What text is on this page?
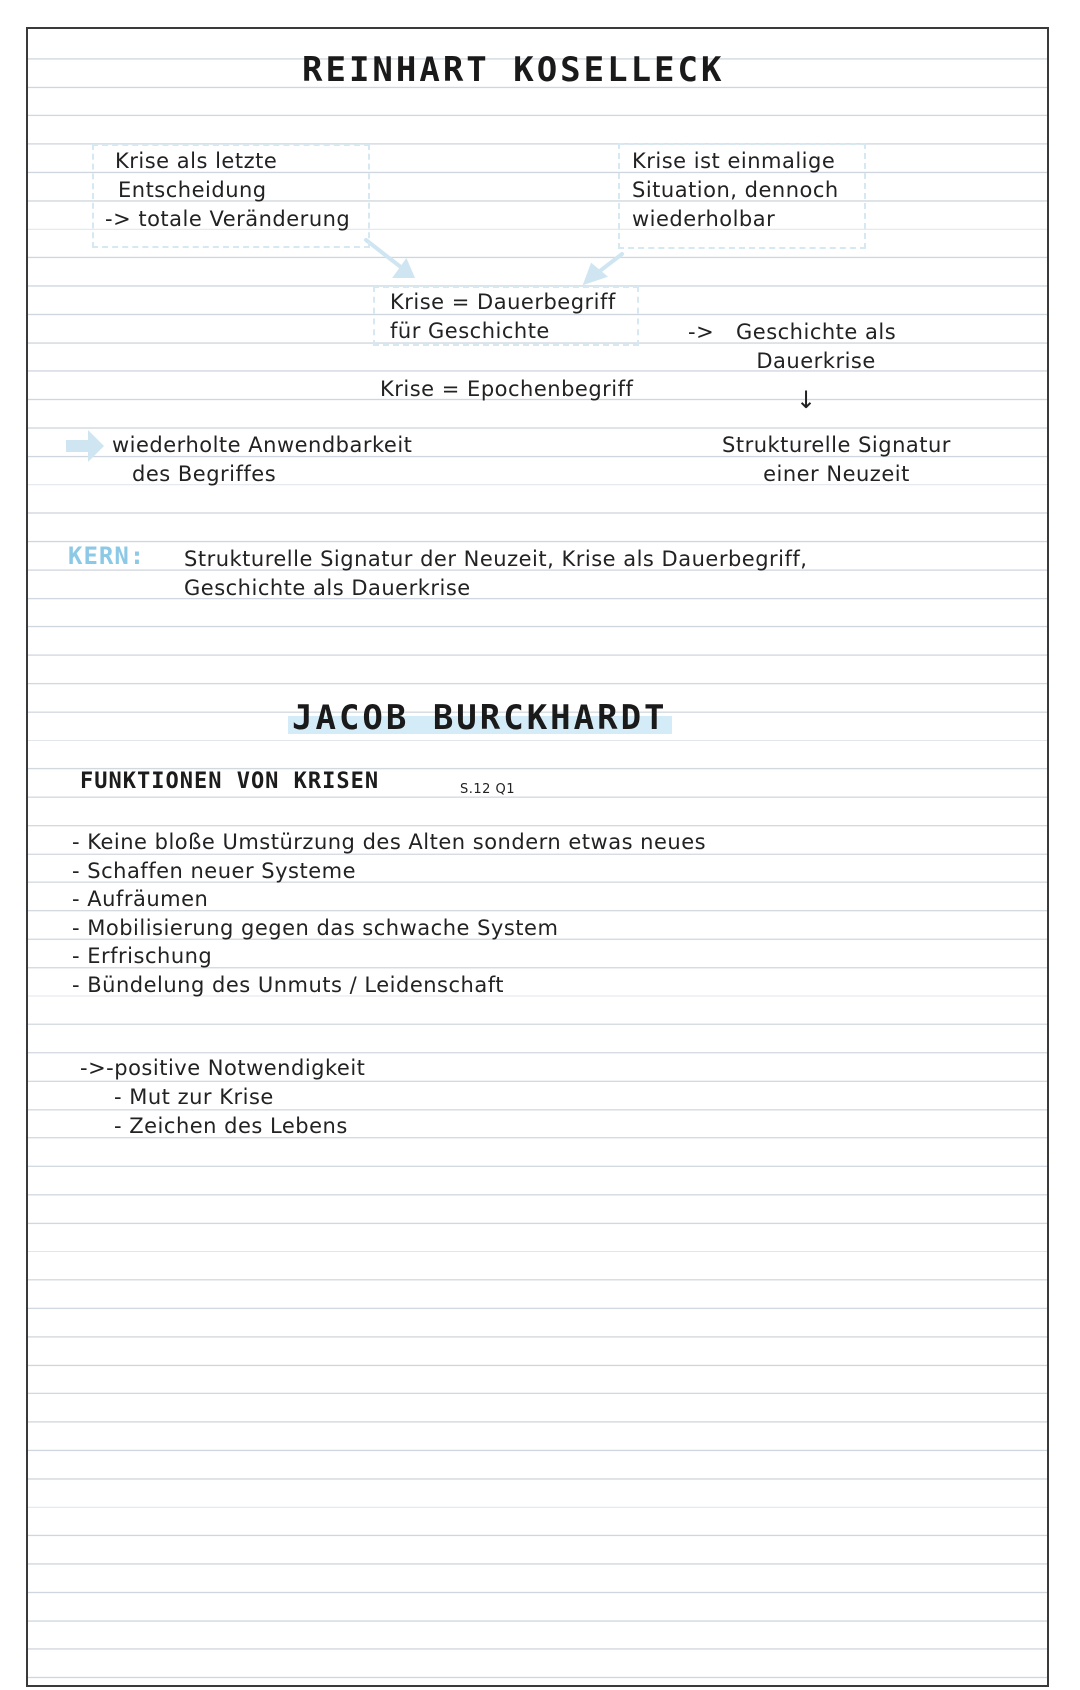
REINHART KOSELLECK
Krise als letzte
Entscheidung
-> totale Veränderung
Krise ist einmalige
Situation, dennoch
wiederholbar
Krise = Dauerbegriff
für Geschichte
Krise = Epochenbegriff
-> Geschichte als
Dauerkrise
↓
Strukturelle Signatur
einer Neuzeit
wiederholte Anwendbarkeit
des Begriffes
KERN: Strukturelle Signatur der Neuzeit, Krise als Dauerbegriff,
Geschichte als Dauerkrise
JACOB BURCKHARDT
FUNKTIONEN VON KRISEN	S.12 Q1
- Keine bloße Umstürzung des Alten sondern etwas neues
- Schaffen neuer Systeme
- Aufräumen
- Mobilisierung gegen das schwache System
- Erfrischung
- Bündelung des Unmuts / Leidenschaft
->-positive Notwendigkeit
- Mut zur Krise
- Zeichen des Lebens
